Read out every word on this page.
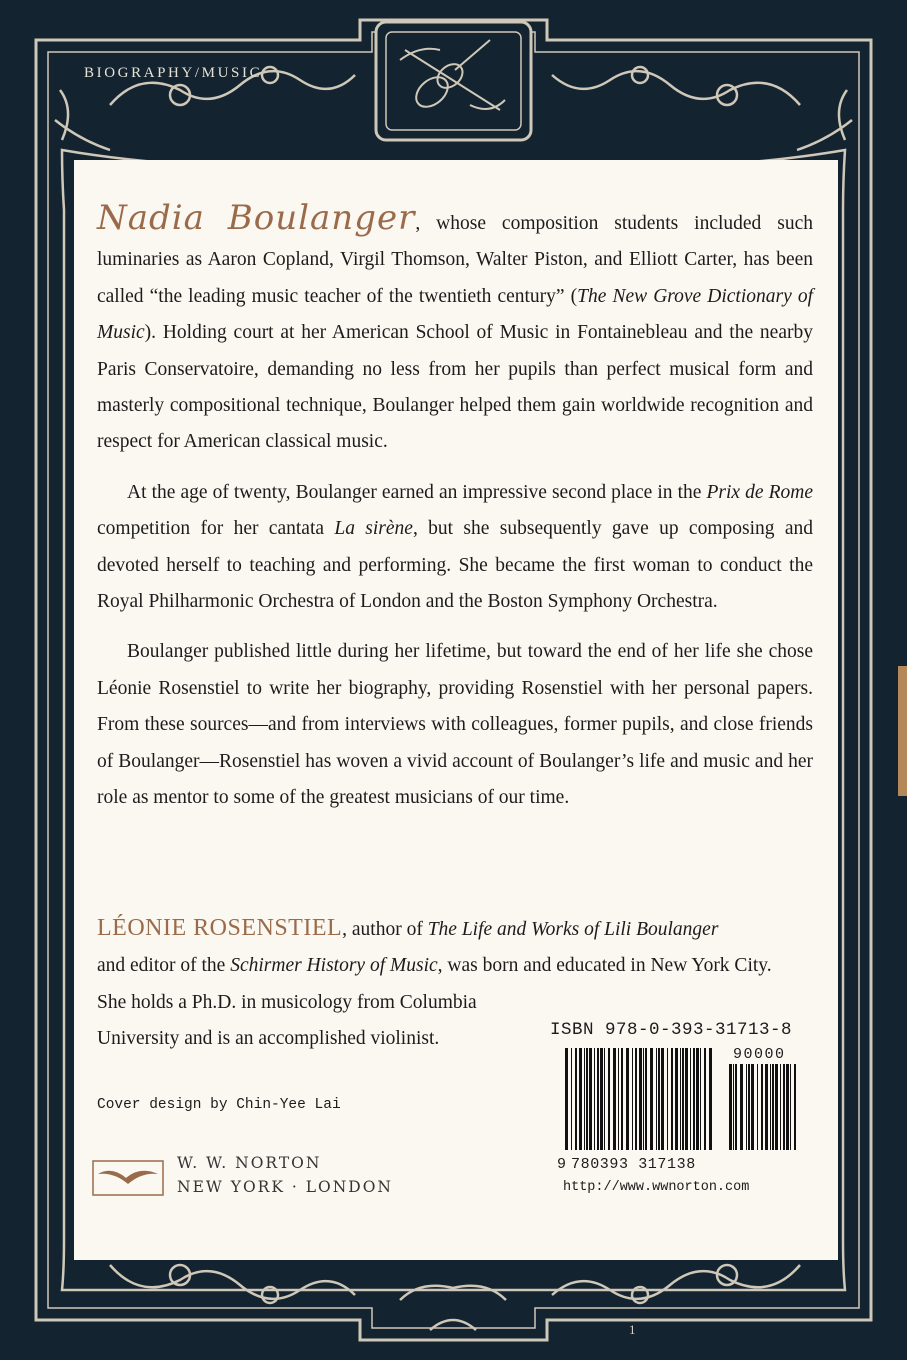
BIOGRAPHY/MUSIC

Nadia Boulanger, whose composition students included such luminaries as Aaron Copland, Virgil Thomson, Walter Piston, and Elliott Carter, has been called “the leading music teacher of the twentieth century” (The New Grove Dictionary of Music). Holding court at her American School of Music in Fontainebleau and the nearby Paris Conservatoire, demanding no less from her pupils than perfect musical form and masterly compositional technique, Boulanger helped them gain worldwide recognition and respect for American classical music.

At the age of twenty, Boulanger earned an impressive second place in the Prix de Rome competition for her cantata La sirène, but she subsequently gave up composing and devoted herself to teaching and performing. She became the first woman to conduct the Royal Philharmonic Orchestra of London and the Boston Symphony Orchestra.

Boulanger published little during her lifetime, but toward the end of her life she chose Léonie Rosenstiel to write her biography, providing Rosenstiel with her personal papers. From these sources—and from interviews with colleagues, former pupils, and close friends of Boulanger—Rosenstiel has woven a vivid account of Boulanger’s life and music and her role as mentor to some of the greatest musicians of our time.

LÉONIE ROSENSTIEL, author of The Life and Works of Lili Boulanger
and editor of the Schirmer History of Music, was born and educated in New York City.
She holds a Ph.D. in musicology from Columbia
University and is an accomplished violinist.
Cover design by Chin-Yee Lai
W. W. NORTON
NEW YORK · LONDON
ISBN 978-0-393-31713-8
9 780393 317138
90000
http://www.wwnorton.com
1
